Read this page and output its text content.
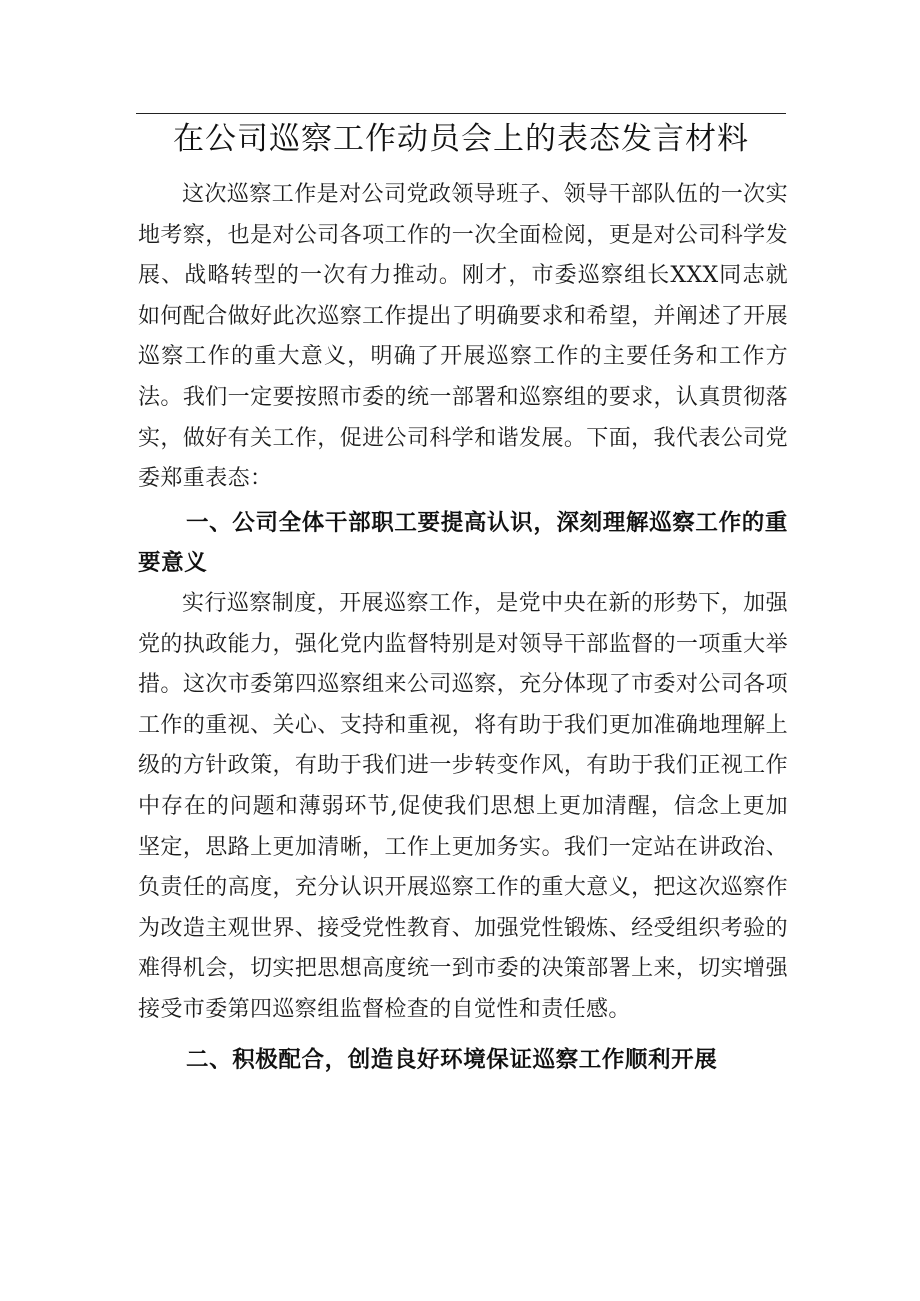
在公司巡察工作动员会上的表态发言材料

这次巡察工作是对公司党政领导班子、领导干部队伍的一次实地考察，也是对公司各项工作的一次全面检阅，更是对公司科学发展、战略转型的一次有力推动。刚才，市委巡察组长XXX同志就如何配合做好此次巡察工作提出了明确要求和希望，并阐述了开展巡察工作的重大意义，明确了开展巡察工作的主要任务和工作方法。我们一定要按照市委的统一部署和巡察组的要求，认真贯彻落实，做好有关工作，促进公司科学和谐发展。下面，我代表公司党委郑重表态：

一、公司全体干部职工要提高认识，深刻理解巡察工作的重要意义

实行巡察制度，开展巡察工作，是党中央在新的形势下，加强党的执政能力，强化党内监督特别是对领导干部监督的一项重大举措。这次市委第四巡察组来公司巡察，充分体现了市委对公司各项工作的重视、关心、支持和重视，将有助于我们更加准确地理解上级的方针政策，有助于我们进一步转变作风，有助于我们正视工作中存在的问题和薄弱环节,促使我们思想上更加清醒，信念上更加坚定，思路上更加清晰，工作上更加务实。我们一定站在讲政治、负责任的高度，充分认识开展巡察工作的重大意义，把这次巡察作为改造主观世界、接受党性教育、加强党性锻炼、经受组织考验的难得机会，切实把思想高度统一到市委的决策部署上来，切实增强接受市委第四巡察组监督检查的自觉性和责任感。

二、积极配合，创造良好环境保证巡察工作顺利开展
